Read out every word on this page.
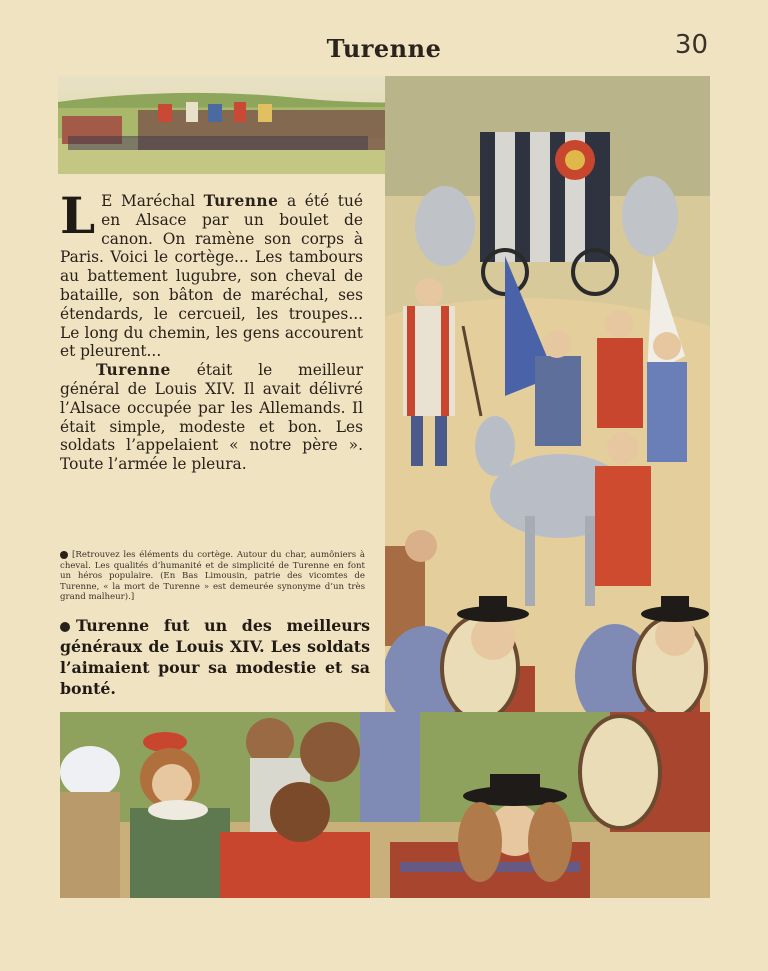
Turenne	30

L E Maréchal Turenne a été tué en Alsace par un boulet de canon. On ramène son corps à Paris. Voici le cortège... Les tambours au battement lugubre, son cheval de bataille, son bâton de maréchal, ses étendards, le cercueil, les troupes... Le long du chemin, les gens accourent et pleurent...

Turenne était le meilleur général de Louis XIV. Il avait délivré l’Alsace occupée par les Allemands. Il était simple, modeste et bon. Les soldats l’appelaient « notre père ». Toute l’armée le pleura.

[Retrouvez les éléments du cortège. Autour du char, aumôniers à cheval. Les qualités d’humanité et de simplicité de Turenne en font un héros populaire. (En Bas Limousin, patrie des vicomtes de Turenne, « la mort de Turenne » est demeurée synonyme d’un très grand malheur).]
Turenne fut un des meilleurs généraux de Louis XIV. Les soldats l’aimaient pour sa modestie et sa bonté.
